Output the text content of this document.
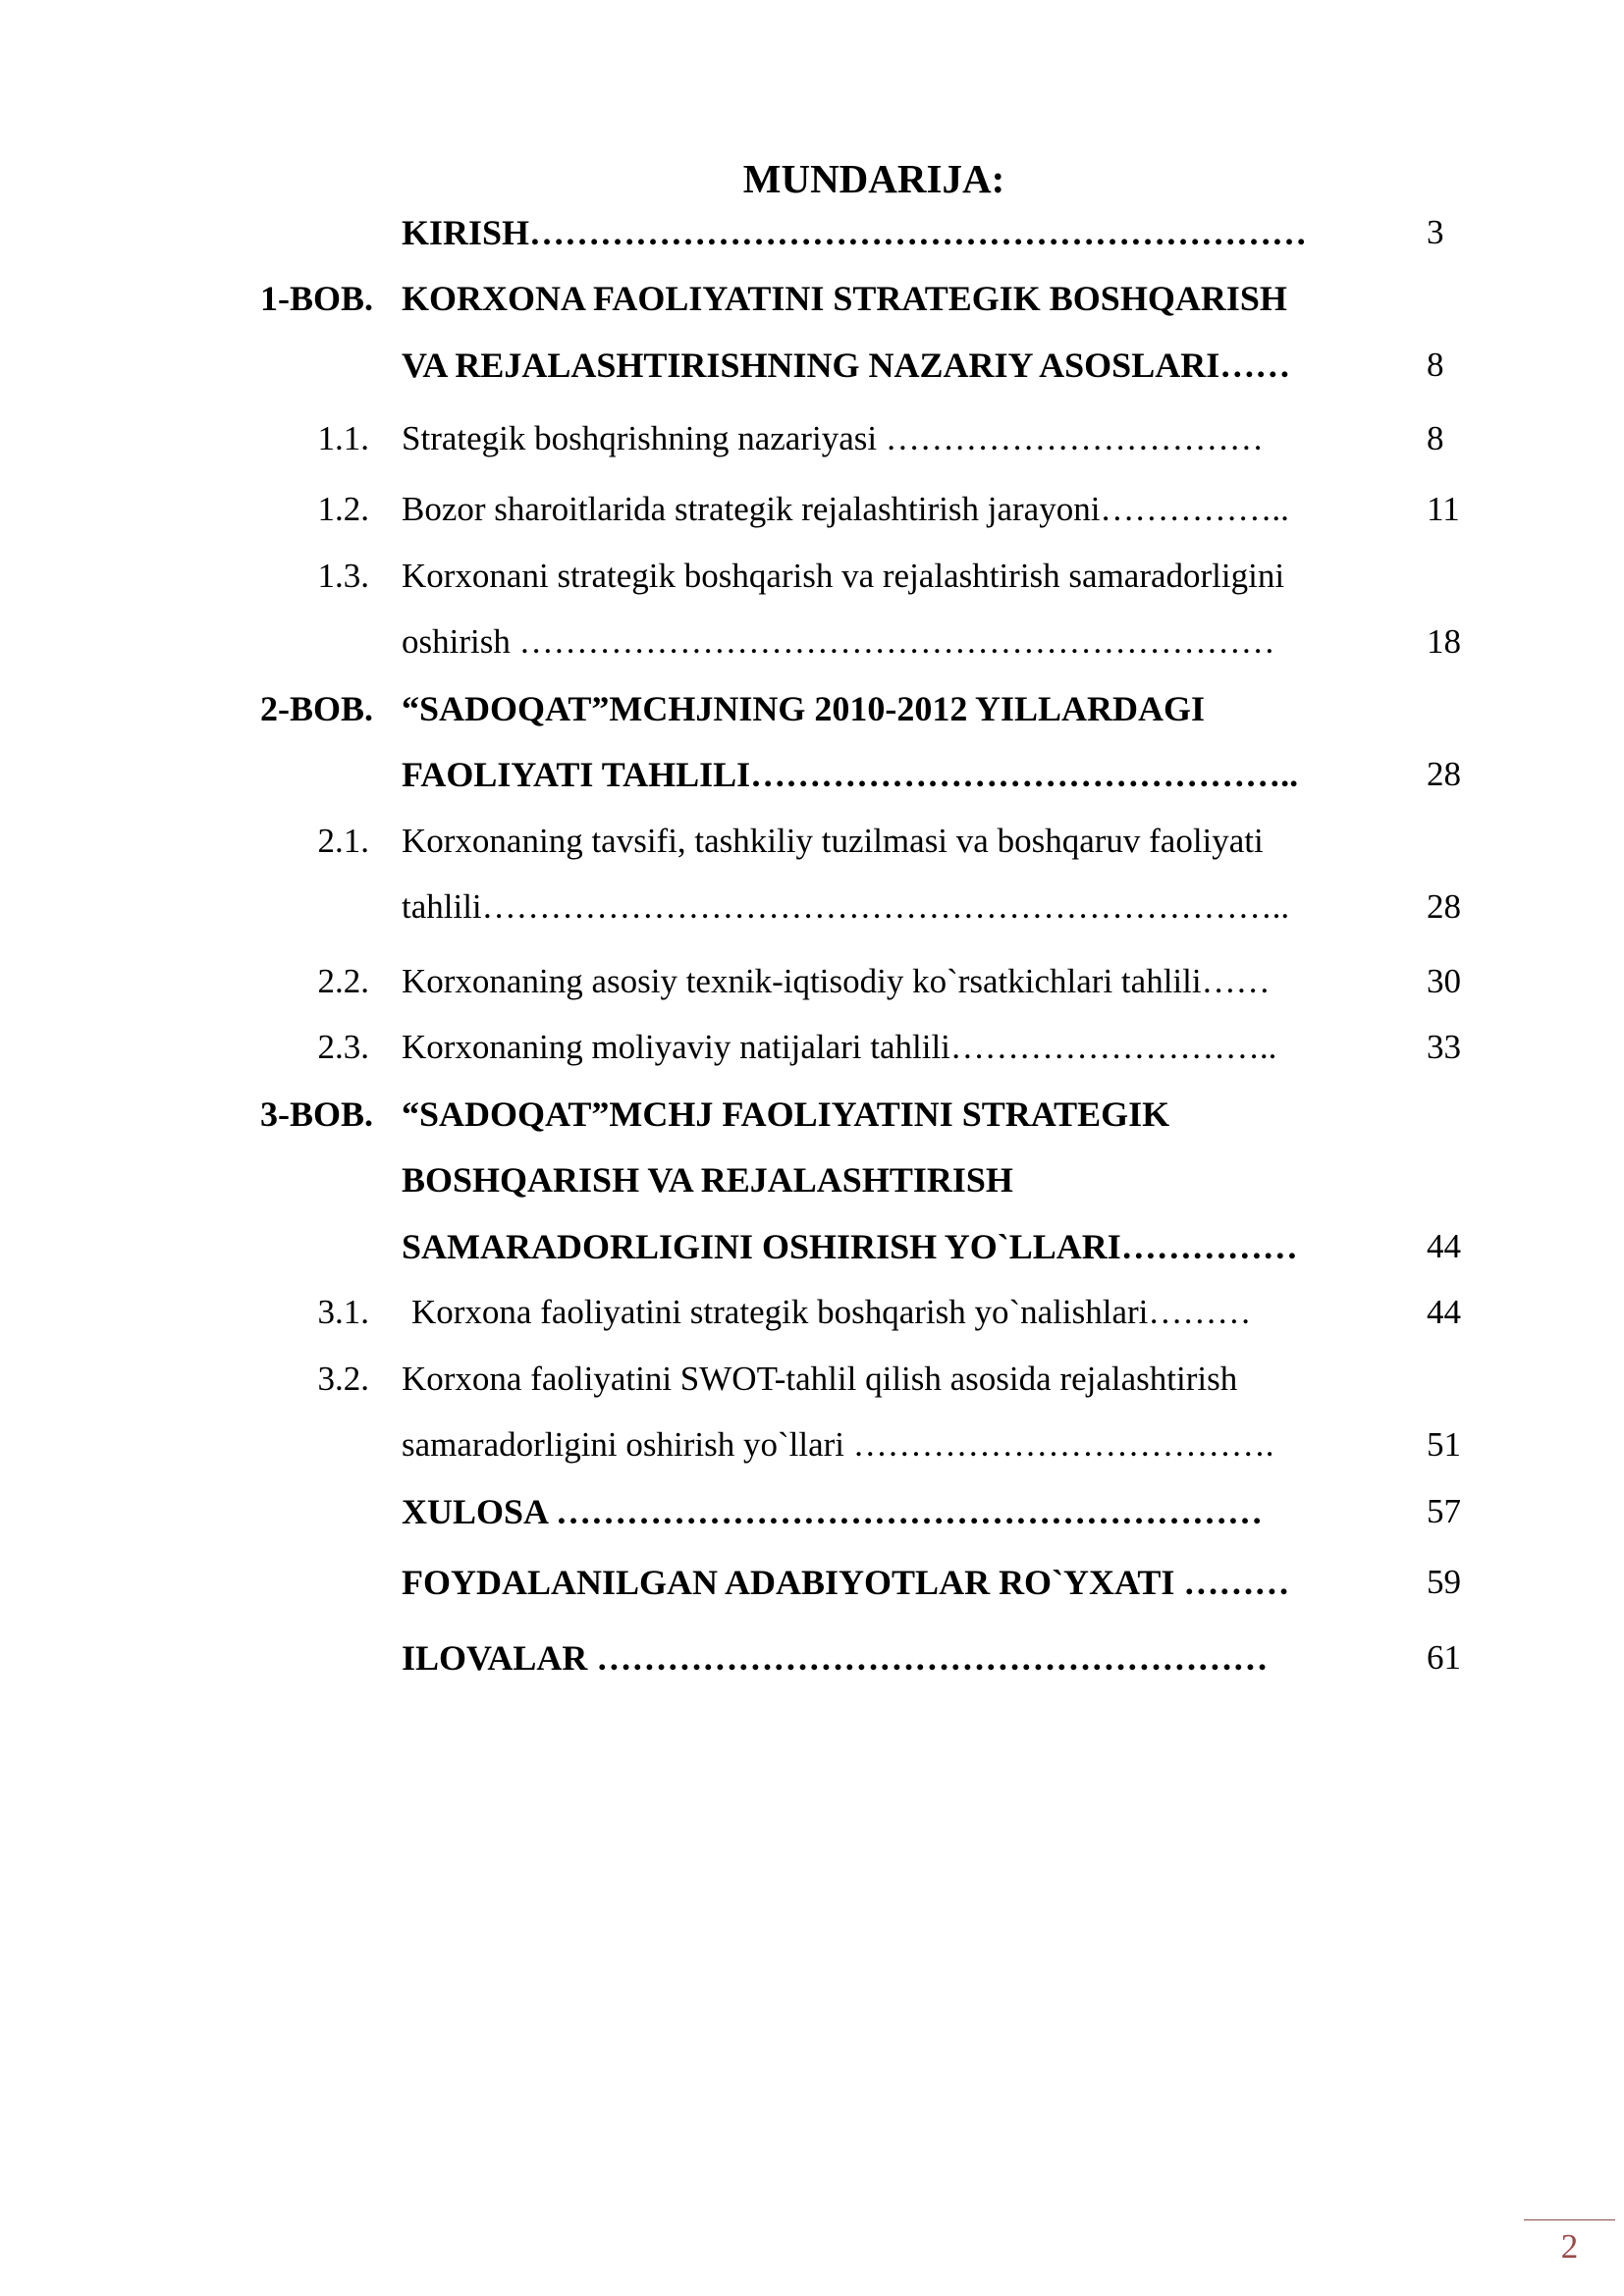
MUNDARIJA:
KIRISH…………………………………………………………	3
1-BOB. KORXONA FAOLIYATINI STRATEGIK BOSHQARISH
VA REJALASHTIRISHNING NAZARIY ASOSLARI……	8
1.1. Strategik boshqrishning nazariyasi ……………………………	8
1.2. Bozor sharoitlarida strategik rejalashtirish jarayoni……………..	11
1.3. Korxonani strategik boshqarish va rejalashtirish samaradorligini
oshirish …………………………………………………………	18
2-BOB. “SADOQAT”MCHJNING 2010-2012 YILLARDAGI
FAOLIYATI TAHLILI………………………………………..	28
2.1. Korxonaning tavsifi, tashkiliy tuzilmasi va boshqaruv faoliyati
tahlili……………………………………………………………..	28
2.2. Korxonaning asosiy texnik-iqtisodiy ko`rsatkichlari tahlili……	30
2.3. Korxonaning moliyaviy natijalari tahlili………………………..	33
3-BOB. “SADOQAT”MCHJ FAOLIYATINI STRATEGIK
BOSHQARISH VA REJALASHTIRISH
SAMARADORLIGINI OSHIRISH YO`LLARI……………	44
3.1. Korxona faoliyatini strategik boshqarish yo`nalishlari………	44
3.2. Korxona faoliyatini SWOT-tahlil qilish asosida rejalashtirish
samaradorligini oshirish yo`llari ……………………………….	51
XULOSA ……………………………………………………	57
FOYDALANILGAN ADABIYOTLAR RO`YXATI ………	59
ILOVALAR …………………………………………………	61
2
